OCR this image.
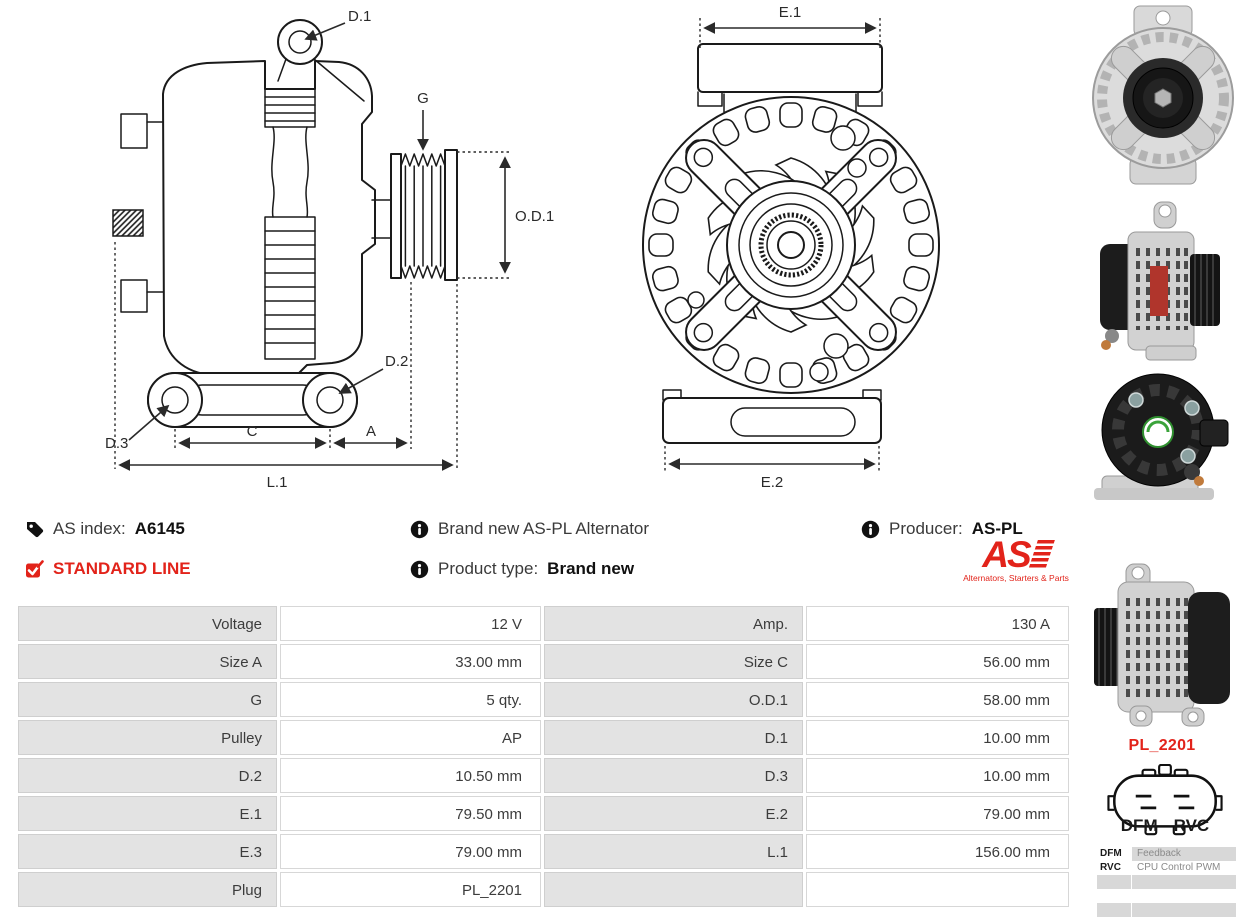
D.1
G
O.D.1
D.2
D.3
C	A
L.1
E.1
E.2
AS index: A6145
STANDARD LINE
Brand new AS-PL Alternator
Product type: Brand new
Producer: AS-PL
AS
Alternators, Starters & Parts
Voltage	12 V	Amp.	130 A
Size A	33.00 mm	Size C	56.00 mm
G	5 qty.	O.D.1	58.00 mm
Pulley	AP	D.1	10.00 mm
D.2	10.50 mm	D.3	10.00 mm
E.1	79.50 mm	E.2	79.00 mm
E.3	79.00 mm	L.1	156.00 mm
Plug	PL_2201
PL_2201
DFM RVC
DFM	Feedback
RVC	CPU Control PWM
